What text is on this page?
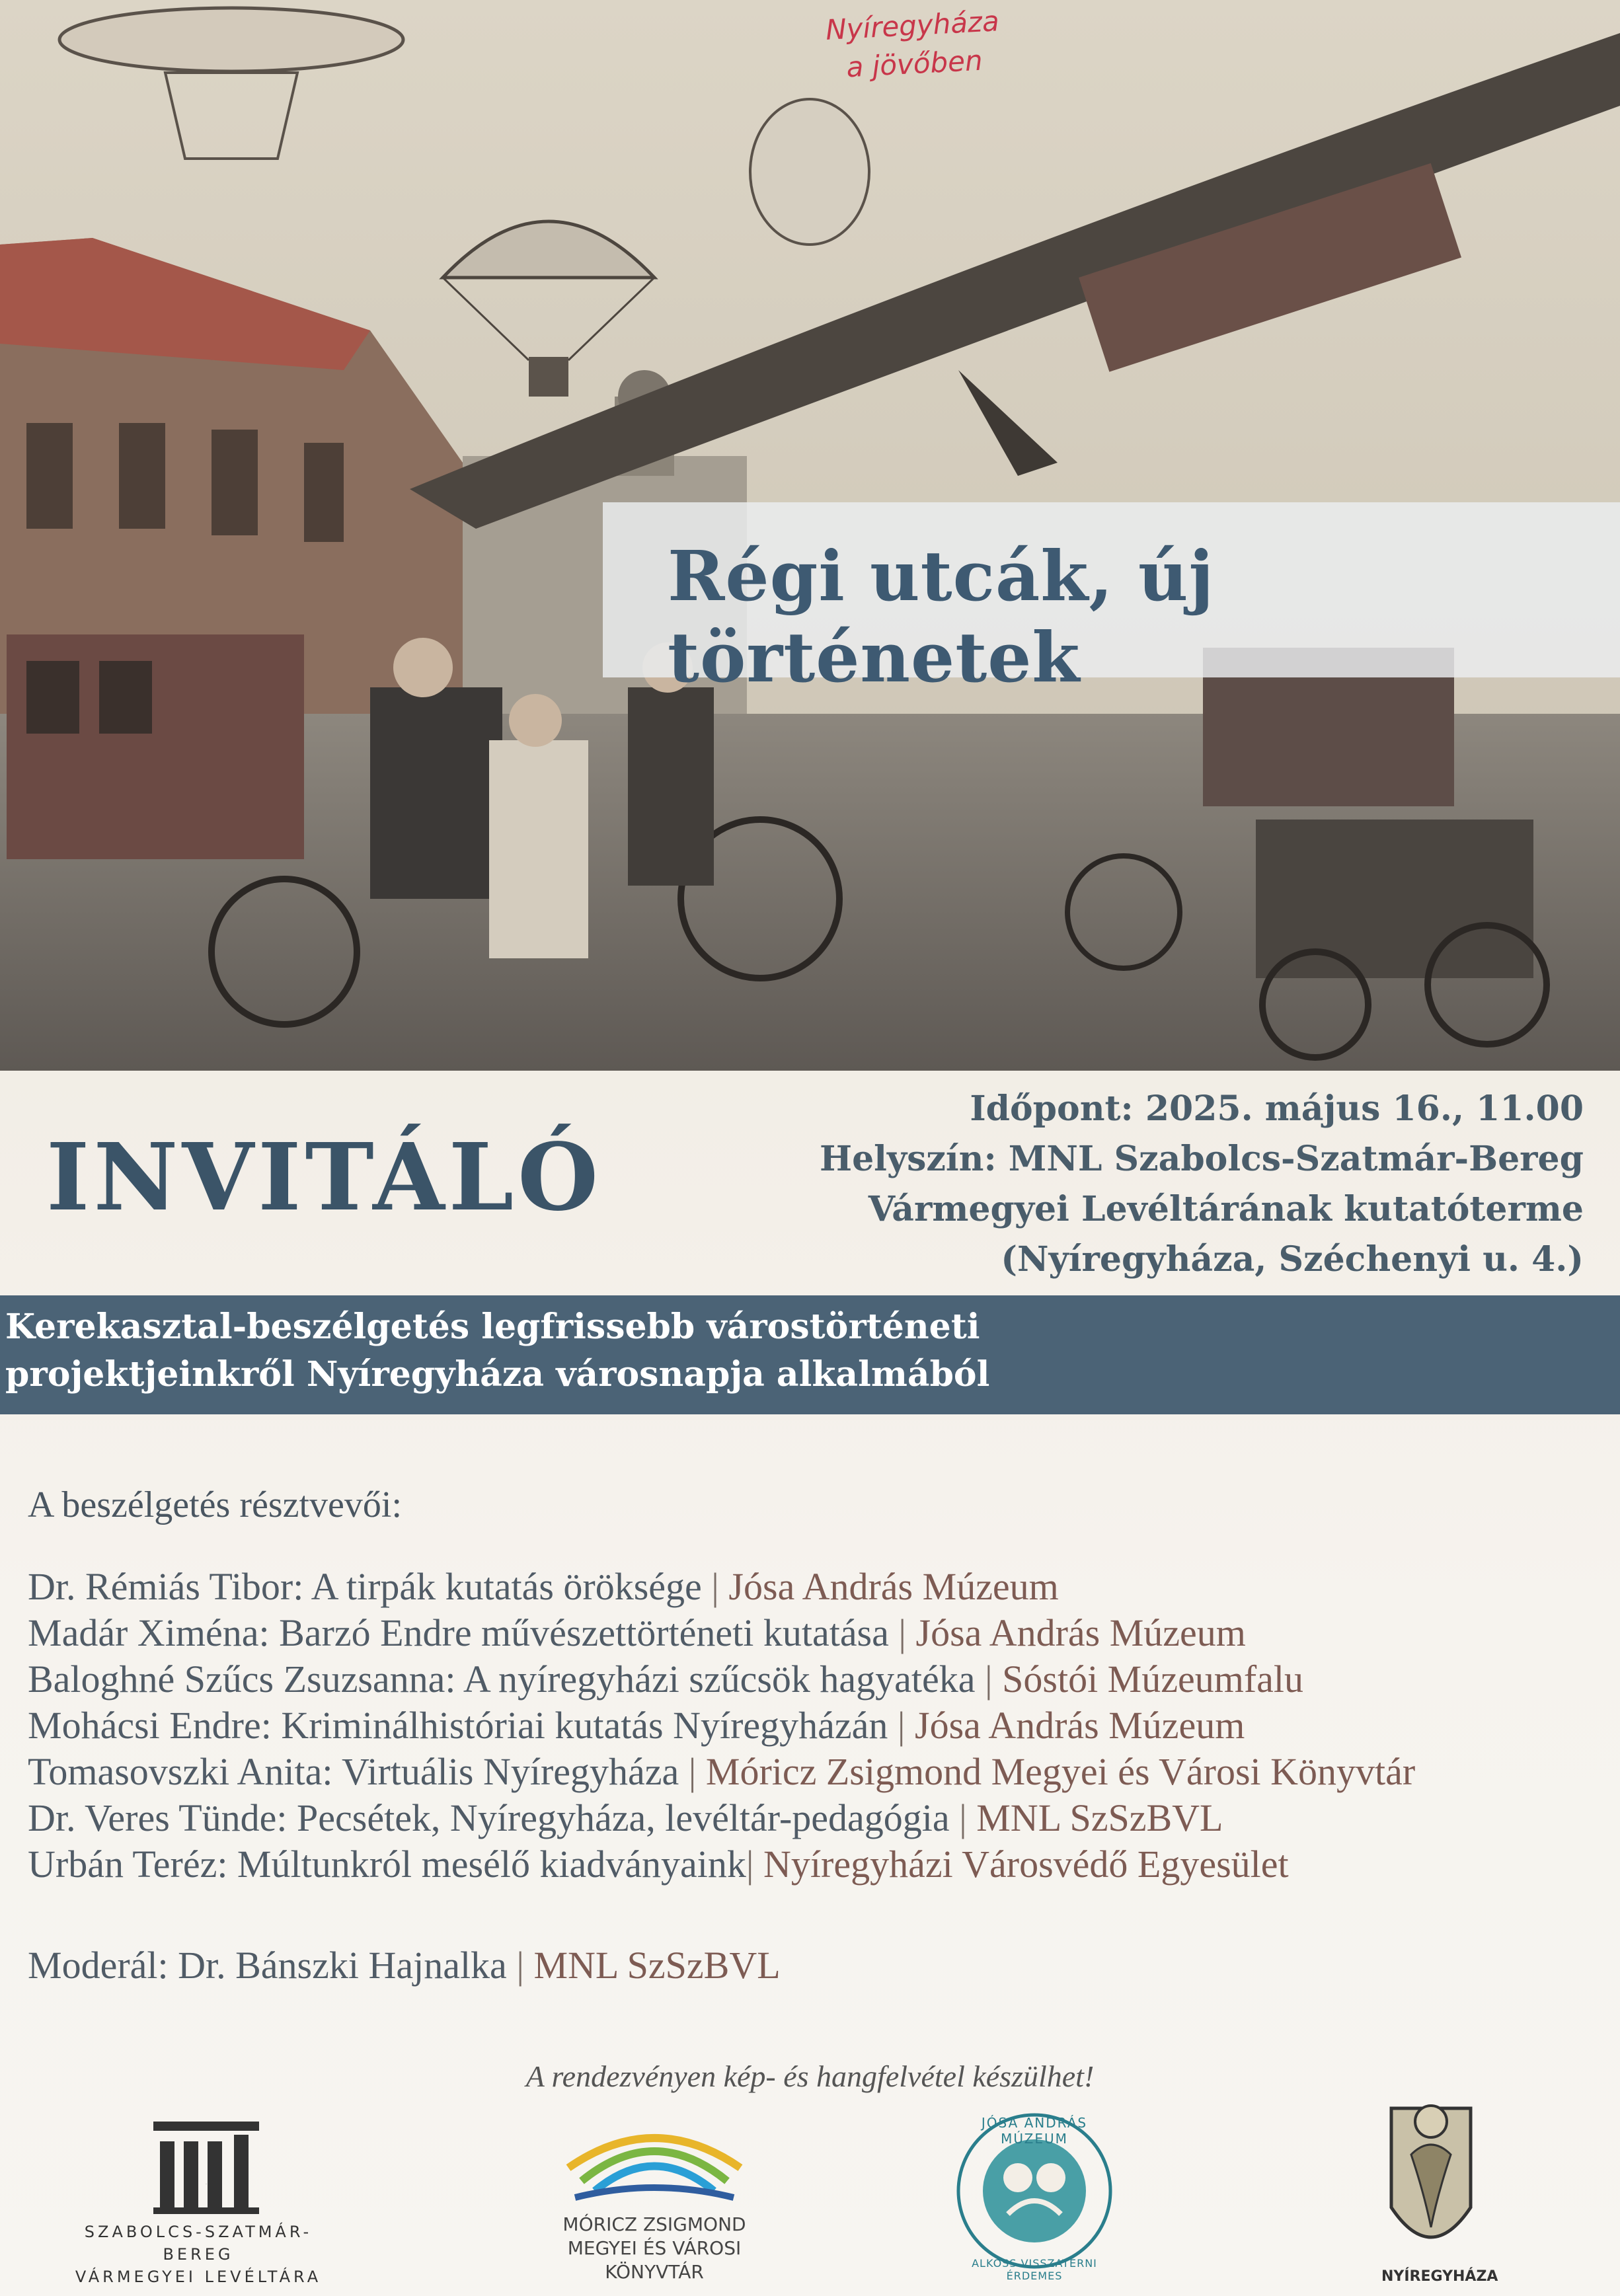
Nyíregyháza
a jövőben
Régi utcák, új történetek
INVITÁLÓ
Időpont: 2025. május 16., 11.00
Helyszín: MNL Szabolcs-Szatmár-Bereg
Vármegyei Levéltárának kutatóterme
(Nyíregyháza, Széchenyi u. 4.)
Kerekasztal-beszélgetés legfrissebb várostörténeti
projektjeinkről Nyíregyháza városnapja alkalmából
A beszélgetés résztvevői:
Dr. Rémiás Tibor: A tirpák kutatás öröksége | Jósa András Múzeum
Madár Xiména: Barzó Endre művészettörténeti kutatása | Jósa András Múzeum
Baloghné Szűcs Zsuzsanna: A nyíregyházi szűcsök hagyatéka | Sóstói Múzeumfalu
Mohácsi Endre: Kriminálhistóriai kutatás Nyíregyházán | Jósa András Múzeum
Tomasovszki Anita: Virtuális Nyíregyháza | Móricz Zsigmond Megyei és Városi Könyvtár
Dr. Veres Tünde: Pecsétek, Nyíregyháza, levéltár-pedagógia | MNL SzSzBVL
Urbán Teréz: Múltunkról mesélő kiadványaink| Nyíregyházi Városvédő Egyesület
Moderál: Dr. Bánszki Hajnalka | MNL SzSzBVL
A rendezvényen kép- és hangfelvétel készülhet!
mnl
SZABOLCS-SZATMÁR-BEREG
VÁRMEGYEI LEVÉLTÁRA
MÓRICZ ZSIGMOND
MEGYEI ÉS VÁROSI
KÖNYVTÁR
JÓSA ANDRÁS MÚZEUM
ALKOSS VISSZATÉRNI ÉRDEMES	NYÍREGYHÁZA
